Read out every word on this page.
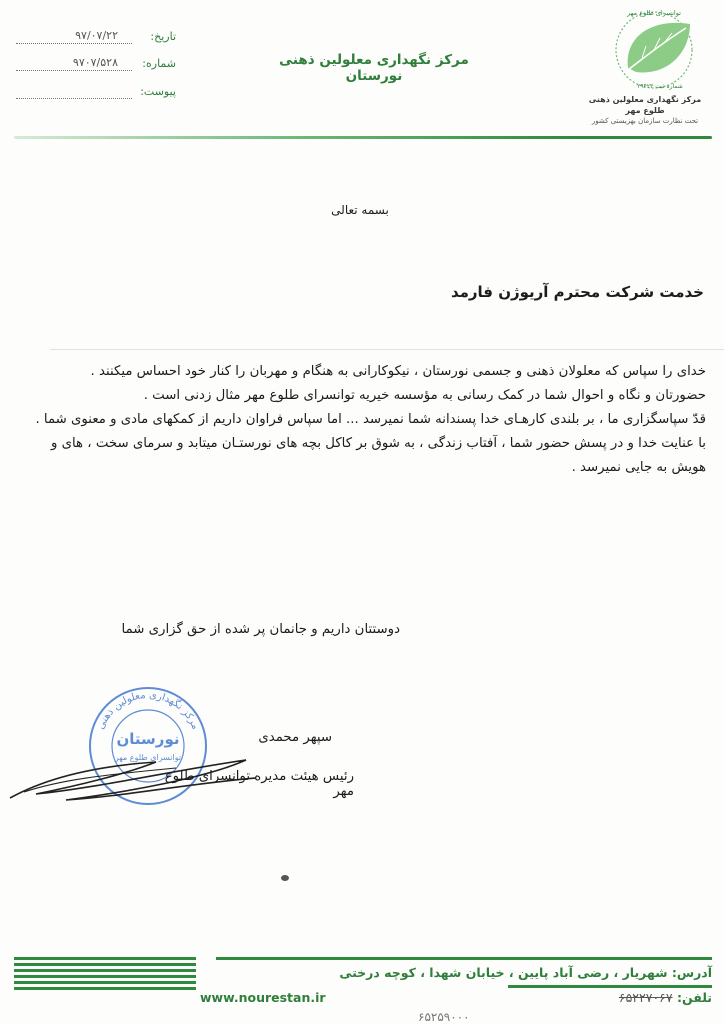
توانسرای طلوع مهر
شماره ثبت ۲۹۴۲۳
مرکز نگهداری معلولین ذهنی
طلوع مهر
تحت نظارت سازمان بهزیستی کشور
مرکز نگهداری معلولین ذهنی نورستان
تاریخ:
۹۷/۰۷/۲۲
شماره:
۹۷۰۷/۵۲۸
پیوست:
بسمه تعالی
خدمت شرکت محترم آریوژن فارمد

خدای را سپاس که معلولان ذهنی و جسمی نورستان ، نیکوکارانی به هنگام و مهربان را کنار خود احساس میکنند .

حضورتان و نگاه و احوال شما در کمک رسانی به مؤسسه خیریه توانسرای طلوع مهر مثال زدنی است .

قدّ سپاسگزاری ما ، بر بلندی کارهـای خدا پسندانه شما نمیرسد ... اما سپاس فراوان داریم از کمکهای مادی و معنوی شما .

با عنایت خدا و در پسش حضور شما ، آفتاب زندگی ، به شوق بر کاکل بچه های نورستـان میتابد و سرمای سخت ، های و هویش به جایی نمیرسد .

دوستتان داریم و جانمان پر شده از حق گزاری شما
مرکز نگهداری معلولین ذهنی
نورستان
توانسرای طلوع مهر
سپهر محمدی
رئیس هیئت مدیره توانسرای طلوع مهر
آدرس: شهریار ، رضی آباد پایین ، خیابان شهدا ، کوچه درختی
www.nourestan.ir	تلفن: ۶۵۲۲۷۰۶۷
۶۵۲۵۹۰۰۰
